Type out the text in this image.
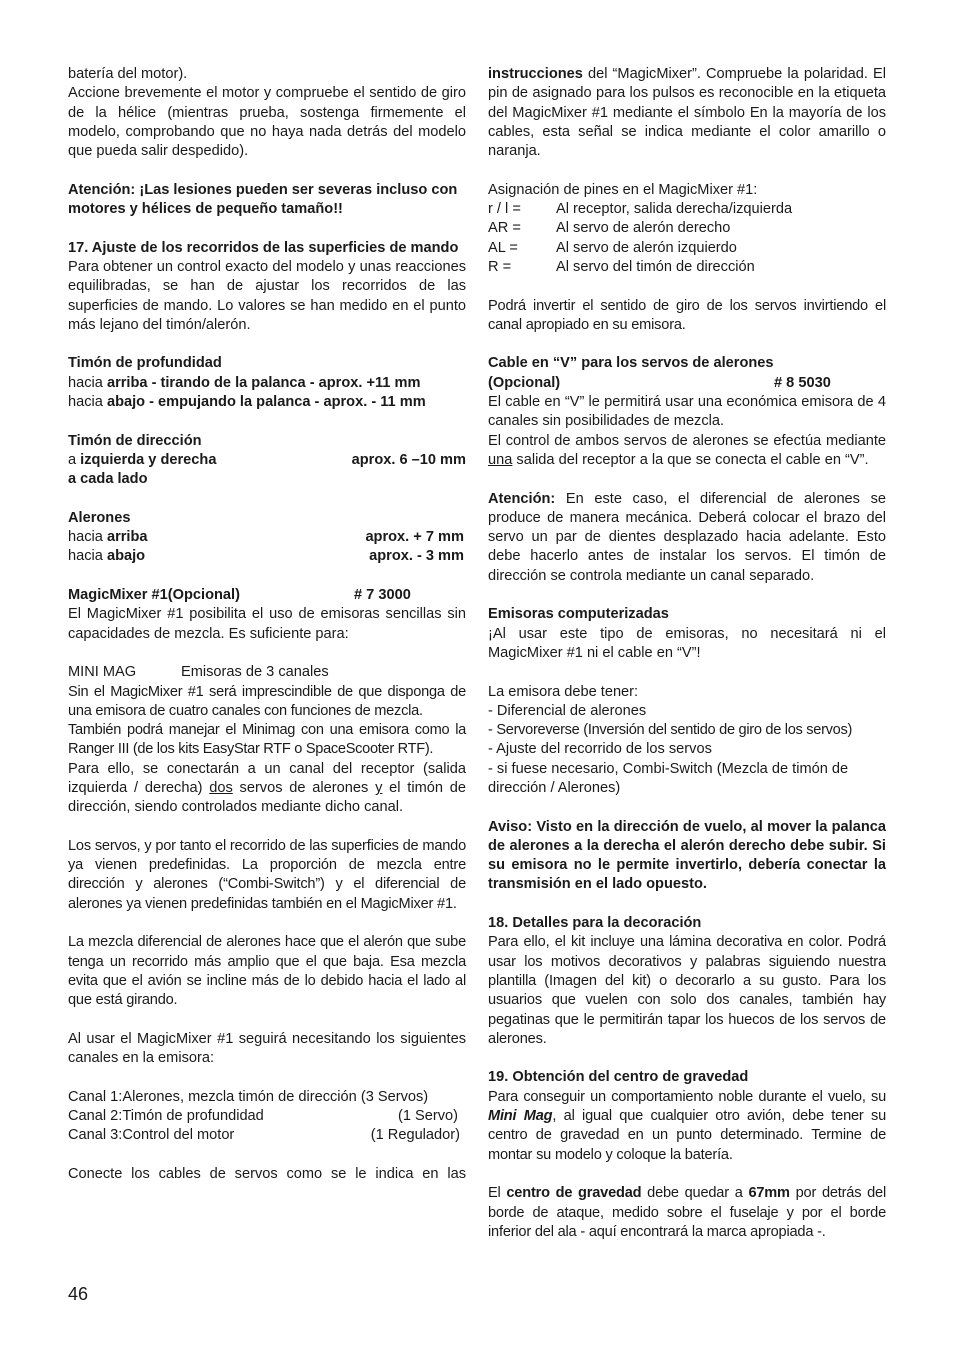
batería del motor).

Accione brevemente el motor y compruebe el sentido de giro de la hélice (mientras prueba, sostenga firmemente el modelo, comprobando que no haya nada detrás del modelo que pueda salir despedido).

Atención: ¡Las lesiones pueden ser severas incluso con motores y hélices de pequeño tamaño!!

17. Ajuste de los recorridos de las superficies de mando

Para obtener un control exacto del modelo y unas reacciones equilibradas, se han de ajustar los recorridos de las superficies de mando. Lo valores se han medido en el punto más lejano del timón/alerón.

Timón de profundidad

hacia arriba - tirando de la palanca - aprox. +11 mm

hacia abajo - empujando la palanca - aprox. - 11 mm

Timón de dirección

a izquierda y derecha	aprox. 6 –10 mm

a cada lado

Alerones

hacia arriba	aprox. + 7 mm
hacia abajo	aprox. - 3 mm
MagicMixer #1(Opcional)	# 7 3000

El MagicMixer #1 posibilita el uso de emisoras sencillas sin capacidades de mezcla. Es suficiente para:

MINI MAG	Emisoras de 3 canales

Sin el MagicMixer #1 será imprescindible de que disponga de una emisora de cuatro canales con funciones de mezcla.

También podrá manejar el Minimag con una emisora como la Ranger III (de los kits EasyStar RTF o SpaceScooter RTF).

Para ello, se conectarán a un canal del receptor (salida izquierda / derecha) dos servos de alerones y el timón de dirección, siendo controlados mediante dicho canal.

Los servos, y por tanto el recorrido de las superficies de mando ya vienen predefinidas. La proporción de mezcla entre dirección y alerones (“Combi-Switch”) y el diferencial de alerones ya vienen predefinidas también en el MagicMixer #1.

La mezcla diferencial de alerones hace que el alerón que sube tenga un recorrido más amplio que el que baja. Esa mezcla evita que el avión se incline más de lo debido hacia el lado al que está girando.

Al usar el MagicMixer #1 seguirá necesitando los siguientes canales en la emisora:

Canal 1:Alerones, mezcla timón de dirección (3 Servos)

Canal 2:Timón de profundidad	(1 Servo)
Canal 3:Control del motor	(1 Regulador)

Conecte los cables de servos como se le indica en las

instrucciones del “MagicMixer”. Compruebe la polaridad. El pin de asignado para los pulsos es reconocible en la etiqueta del MagicMixer #1 mediante el símbolo En la mayoría de los cables, esta señal se indica mediante el color amarillo o naranja.

Asignación de pines en el MagicMixer #1:

r / l =	Al receptor, salida derecha/izquierda
AR =	Al servo de alerón derecho
AL =	Al servo de alerón izquierdo
R =	Al servo del timón de dirección

Podrá invertir el sentido de giro de los servos invirtiendo el canal apropiado en su emisora.

Cable en “V” para los servos de alerones

(Opcional)	# 8 5030

El cable en “V” le permitirá usar una económica emisora de 4 canales sin posibilidades de mezcla.

El control de ambos servos de alerones se efectúa mediante una salida del receptor a la que se conecta el cable en “V”.

Atención: En este caso, el diferencial de alerones se produce de manera mecánica. Deberá colocar el brazo del servo un par de dientes desplazado hacia adelante. Esto debe hacerlo antes de instalar los servos. El timón de dirección se controla mediante un canal separado.

Emisoras computerizadas

¡Al usar este tipo de emisoras, no necesitará ni el MagicMixer #1 ni el cable en “V”!

La emisora debe tener:

- Diferencial de alerones

- Servoreverse (Inversión del sentido de giro de los servos)

- Ajuste del recorrido de los servos

- si fuese necesario, Combi-Switch (Mezcla de timón de dirección / Alerones)

Aviso: Visto en la dirección de vuelo, al mover la palanca de alerones a la derecha el alerón derecho debe subir. Si su emisora no le permite invertirlo, debería conectar la transmisión en el lado opuesto.

18. Detalles para la decoración

Para ello, el kit incluye una lámina decorativa en color. Podrá usar los motivos decorativos y palabras siguiendo nuestra plantilla (Imagen del kit) o decorarlo a su gusto. Para los usuarios que vuelen con solo dos canales, también hay pegatinas que le permitirán tapar los huecos de los servos de alerones.

19. Obtención del centro de gravedad

Para conseguir un comportamiento noble durante el vuelo, su Mini Mag, al igual que cualquier otro avión, debe tener su centro de gravedad en un punto determinado. Termine de montar su modelo y coloque la batería.

El centro de gravedad debe quedar a 67mm por detrás del borde de ataque, medido sobre el fuselaje y por el borde inferior del ala - aquí encontrará la marca apropiada -.

46
